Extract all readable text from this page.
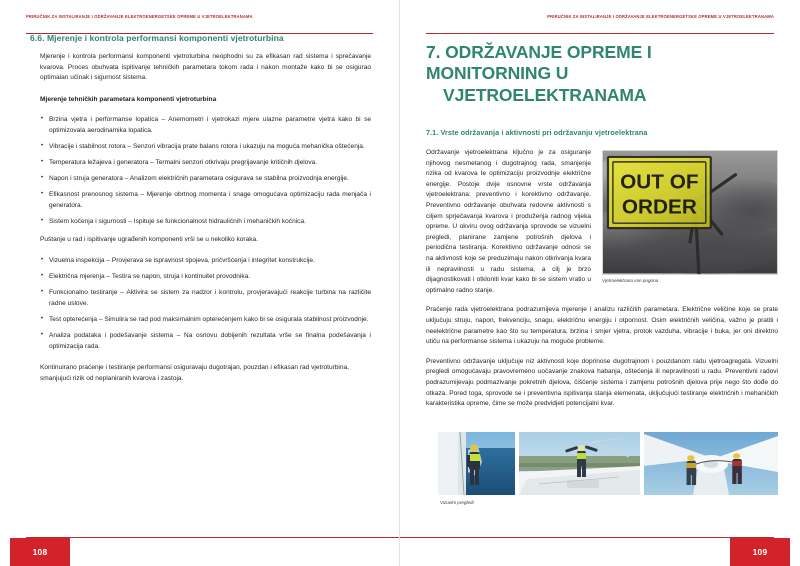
PRIRUČNIK ZA INSTALIRANJE I ODRŽAVANJE ELEKTROENERGETSKE OPREME U VJETROELEKTRANAMA
6.6. Mjerenje i kontrola performansi komponenti vjetroturbina

Mjerenje i kontrola performansi komponenti vjetroturbina neophodni su za efikasan rad sistema i sprečavanje kvarova. Proces obuhvata ispitivanje tehničkih parametara tokom rada i nakon montaže kako bi se osigurao optimalan učinak i sigurnost sistema.

Mjerenje tehničkih parametara komponenti vjetroturbina
• Brzina vjetra i performanse lopatica – Anemometri i vjetrokazi mjere ulazne parametre vjetra kako bi se optimizovala aerodinamika lopatica.
• Vibracije i stabilnost rotora – Senzori vibracija prate balans rotora i ukazuju na moguća mehanička oštećenja.
• Temperatura ležajeva i generatora – Termalni senzori otkrivaju pregrijavanje kritičnih djelova.
• Napon i struja generatora – Analizom električnih parametara osigurava se stabilna proizvodnja energije.
• Efikasnost prenosnog sistema – Mjerenje obrtnog momenta i snage omogućava optimizaciju rada menjača i generatora.
• Sistem kočenja i sigurnosti – Ispituje se funkcionalnost hidrauličnih i mehaničkih kočnica.

Puštanje u rad i ispitivanje ugrađenih komponenti vrši se u nekoliko koraka.

• Vizuelna inspekcija – Provjerava se ispravnost spojeva, pričvršćenja i integritet konstrukcije.
• Električna mjerenja – Testira se napon, struja i kontinuitet provodnika.
• Funkcionalno testiranje – Aktivira se sistem za nadzor i kontrolu, provjeravajući reakcije turbina na različite radne uslove.
• Test opterećenja – Simulira se rad pod maksimalnim opterećenjem kako bi se osigurala stabilnost proizvodnje.
• Analiza podataka i podešavanje sistema – Na osnovu dobijenih rezultata vrše se finalna podešavanja i optimizacija rada.

Kontinuirano praćenje i testiranje performansi osiguravaju dugotrajan, pouzdan i efikasan rad vjetroturbina, smanjujući rizik od neplaniranih kvarova i zastoja.

108
PRIRUČNIK ZA INSTALIRANJE I ODRŽAVANJE ELEKTROENERGETSKE OPREME U VJETROELEKTRANAMA
7. ODRŽAVANJE OPREME I MONITORNING U
VJETROELEKTRANAMA
7.1. Vrste održavanja i aktivnosti pri održavanju vjetroelektrana
OUT OF
ORDER
Vjetroelektrana van pogona

Održavanje vjetroelektrana ključno je za osiguranje njihovog nesmetanog i dugotrajnog rada, smanjenje rizika od kvarova te optimizaciju proizvodnje električne energije. Postoje dvije osnovne vrste održavanja vjetroelektrana: preventivno i korektivno održavanje. Preventivno održavanje obuhvata redovne aktivnosti s ciljem sprječavanja kvarova i produženja radnog vijeka opreme. U okviru ovog održavanja sprovode se vizuelni pregledi, planirane zamjene potrošnih djelova i periodična testiranja. Korektivno održavanje odnosi se na aktivnosti koje se preduzimaju nakon otkrivanja kvara ili nepravilnosti u radu sistema, a cilj je brzo dijagnostikovati i otkloniti kvar kako bi se sistem vratio u optimalno radno stanje.

Praćenje rada vjetroelektrana podrazumijeva mjerenje i analizu različitih parametara. Električne veličine koje se prate uključuju struju, napon, frekvenciju, snagu, električnu energiju i otpornost. Osim električnih veličina, važno je pratiti i neelektrične parametre kao što su temperatura, brzina i smjer vjetra, protok vazduha, vibracije i buka, jer oni direktno utiču na performanse sistema i ukazuju na moguće probleme.

Preventivno održavanje uključuje niz aktivnosti koje doprinose dugotrajnom i pouzdanom radu vjetroagregata. Vizuelni pregledi omogućavaju pravovremeno uočavanje znakova habanja, oštećenja ili nepravilnosti u radu. Preventivni radovi podrazumijevaju podmazivanje pokretnih djelova, čišćenje sistema i zamjenu potrošnih djelova prije nego što dođe do otkaza. Pored toga, sprovode se i preventivna ispitivanja stanja elemenata, uključujući testiranje električnih i mehaničkih karakteristika opreme, čime se može predvidjeti potencijalni kvar.

Vizuelni pregledi
109
